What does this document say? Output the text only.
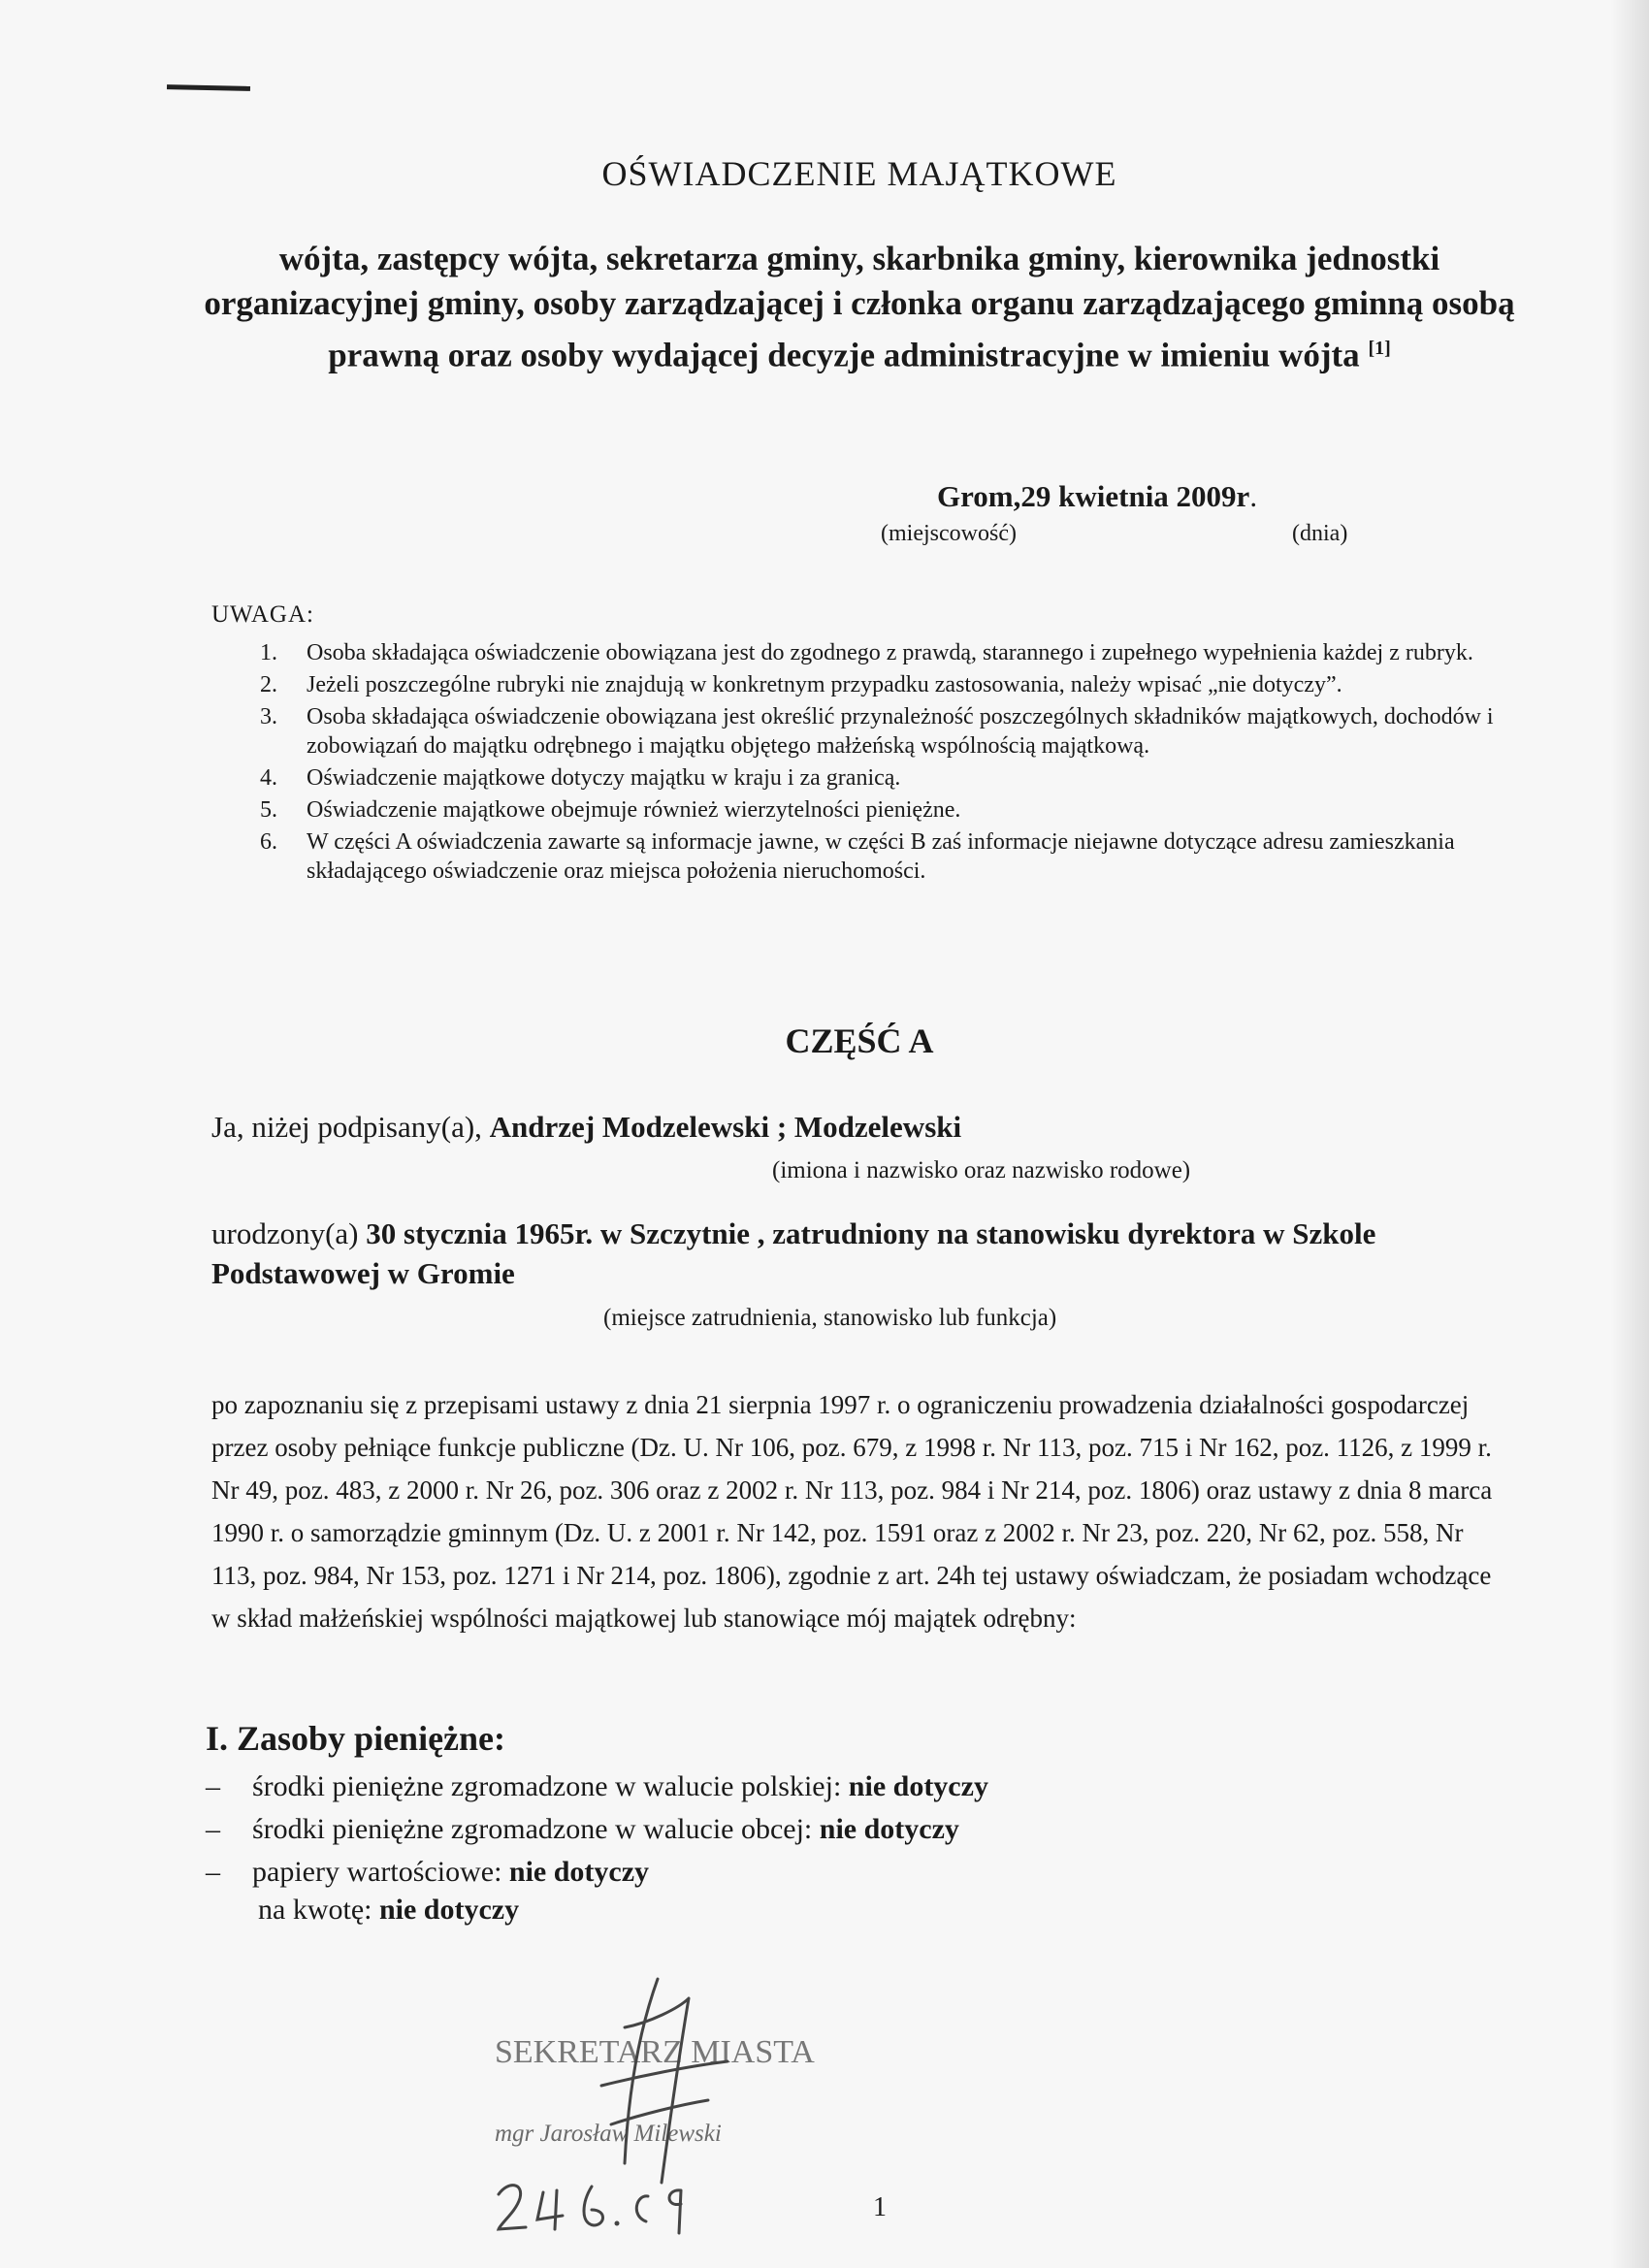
OŚWIADCZENIE MAJĄTKOWE
wójta, zastępcy wójta, sekretarza gminy, skarbnika gminy, kierownika jednostki organizacyjnej gminy, osoby zarządzającej i członka organu zarządzającego gminną osobą prawną oraz osoby wydającej decyzje administracyjne w imieniu wójta [1]
Grom,29 kwietnia 2009r.
(miejscowość)	(dnia)
UWAGA:
1. Osoba składająca oświadczenie obowiązana jest do zgodnego z prawdą, starannego i zupełnego wypełnienia każdej z rubryk.
2. Jeżeli poszczególne rubryki nie znajdują w konkretnym przypadku zastosowania, należy wpisać „nie dotyczy”.
3. Osoba składająca oświadczenie obowiązana jest określić przynależność poszczególnych składników majątkowych, dochodów i zobowiązań do majątku odrębnego i majątku objętego małżeńską wspólnością majątkową.
4. Oświadczenie majątkowe dotyczy majątku w kraju i za granicą.
5. Oświadczenie majątkowe obejmuje również wierzytelności pieniężne.
6. W części A oświadczenia zawarte są informacje jawne, w części B zaś informacje niejawne dotyczące adresu zamieszkania składającego oświadczenie oraz miejsca położenia nieruchomości.
CZĘŚĆ A
Ja, niżej podpisany(a), Andrzej Modzelewski ; Modzelewski
(imiona i nazwisko oraz nazwisko rodowe)
urodzony(a) 30 stycznia 1965r. w Szczytnie , zatrudniony na stanowisku dyrektora w Szkole Podstawowej w Gromie
(miejsce zatrudnienia, stanowisko lub funkcja)
po zapoznaniu się z przepisami ustawy z dnia 21 sierpnia 1997 r. o ograniczeniu prowadzenia działalności gospodarczej przez osoby pełniące funkcje publiczne (Dz. U. Nr 106, poz. 679, z 1998 r. Nr 113, poz. 715 i Nr 162, poz. 1126, z 1999 r. Nr 49, poz. 483, z 2000 r. Nr 26, poz. 306 oraz z 2002 r. Nr 113, poz. 984 i Nr 214, poz. 1806) oraz ustawy z dnia 8 marca 1990 r. o samorządzie gminnym (Dz. U. z 2001 r. Nr 142, poz. 1591 oraz z 2002 r. Nr 23, poz. 220, Nr 62, poz. 558, Nr 113, poz. 984, Nr 153, poz. 1271 i Nr 214, poz. 1806), zgodnie z art. 24h tej ustawy oświadczam, że posiadam wchodzące w skład małżeńskiej wspólności majątkowej lub stanowiące mój majątek odrębny:
I. Zasoby pieniężne:
– środki pieniężne zgromadzone w walucie polskiej: nie dotyczy
– środki pieniężne zgromadzone w walucie obcej: nie dotyczy
– papiery wartościowe: nie dotyczy
na kwotę: nie dotyczy
SEKRETARZ MIASTA
mgr Jarosław Milewski
1
